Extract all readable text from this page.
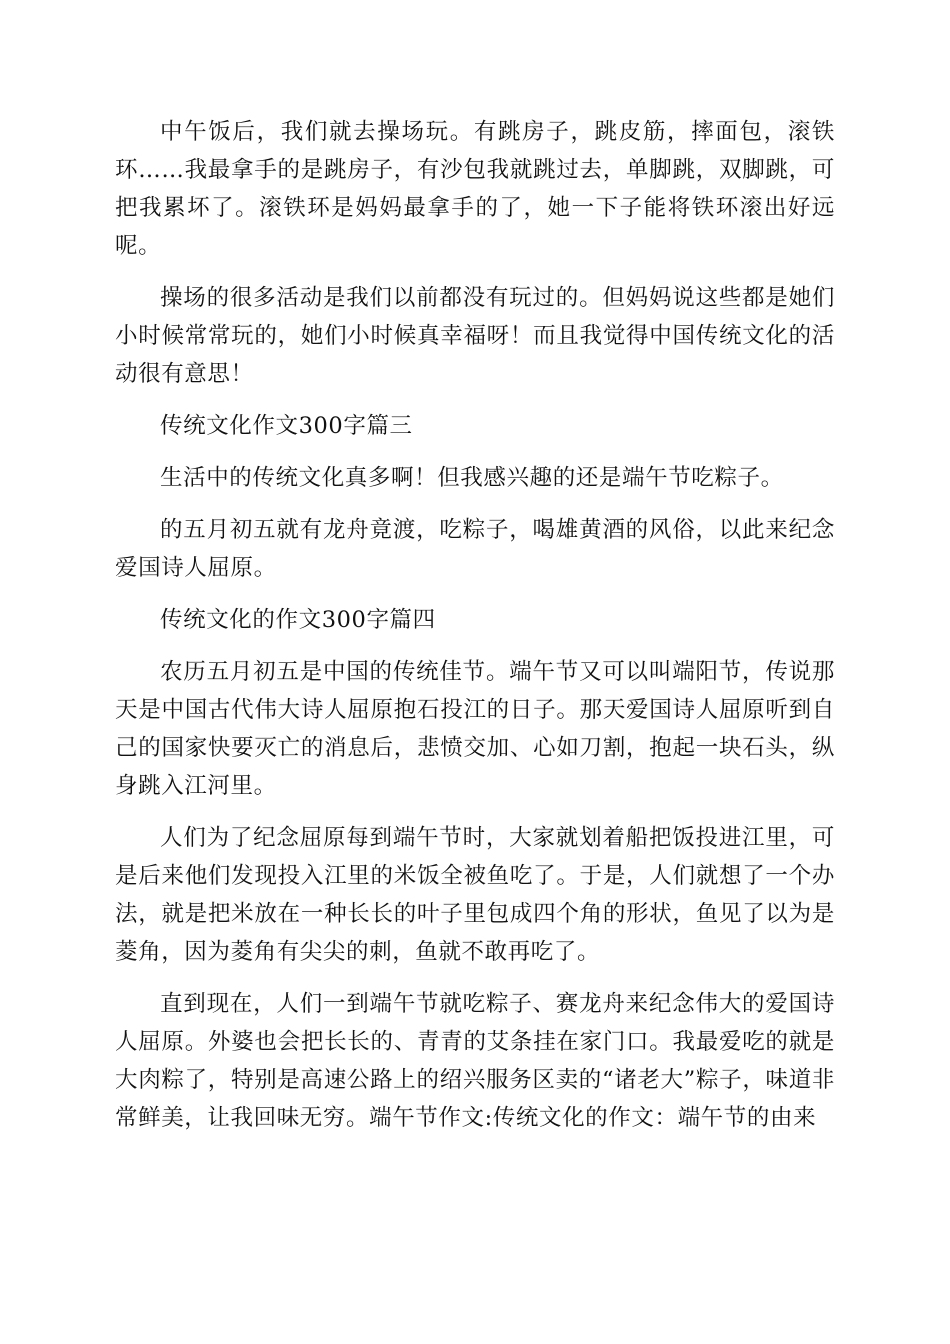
中午饭后，我们就去操场玩。有跳房子，跳皮筋，摔面包，滚铁环……我最拿手的是跳房子，有沙包我就跳过去，单脚跳，双脚跳，可把我累坏了。滚铁环是妈妈最拿手的了，她一下子能将铁环滚出好远呢。

操场的很多活动是我们以前都没有玩过的。但妈妈说这些都是她们小时候常常玩的，她们小时候真幸福呀！而且我觉得中国传统文化的活动很有意思！

传统文化作文300字篇三

生活中的传统文化真多啊！但我感兴趣的还是端午节吃粽子。

的五月初五就有龙舟竟渡，吃粽子，喝雄黄酒的风俗，以此来纪念爱国诗人屈原。

传统文化的作文300字篇四

农历五月初五是中国的传统佳节。端午节又可以叫端阳节，传说那天是中国古代伟大诗人屈原抱石投江的日子。那天爱国诗人屈原听到自己的国家快要灭亡的消息后，悲愤交加、心如刀割，抱起一块石头，纵身跳入江河里。

人们为了纪念屈原每到端午节时，大家就划着船把饭投进江里，可是后来他们发现投入江里的米饭全被鱼吃了。于是，人们就想了一个办法，就是把米放在一种长长的叶子里包成四个角的形状，鱼见了以为是菱角，因为菱角有尖尖的刺，鱼就不敢再吃了。

直到现在，人们一到端午节就吃粽子、赛龙舟来纪念伟大的爱国诗人屈原。外婆也会把长长的、青青的艾条挂在家门口。我最爱吃的就是大肉粽了，特别是高速公路上的绍兴服务区卖的“诸老大”粽子，味道非常鲜美，让我回味无穷。端午节作文:传统文化的作文：端午节的由来
